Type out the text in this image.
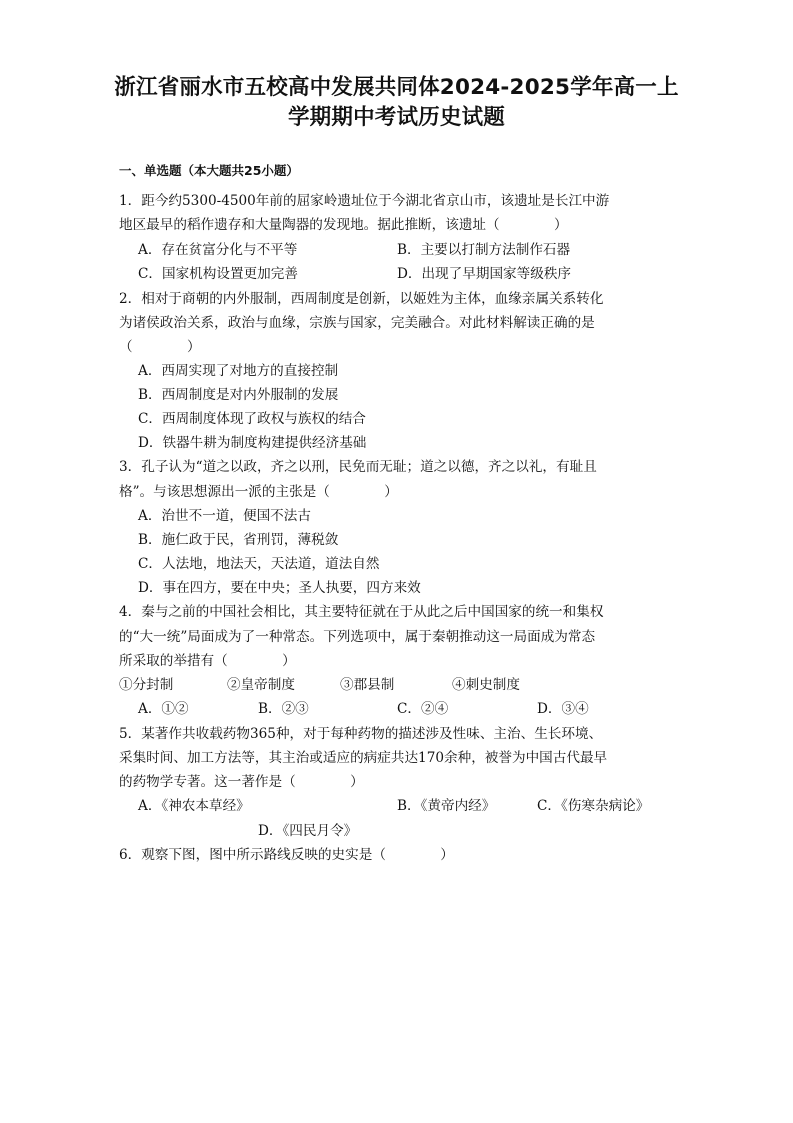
浙江省丽水市五校高中发展共同体2024-2025学年高一上
学期期中考试历史试题
一、单选题（本大题共25小题）
1．距今约5300-4500年前的屈家岭遗址位于今湖北省京山市，该遗址是长江中游
地区最早的稻作遗存和大量陶器的发现地。据此推断，该遗址（　　　　）
A．存在贫富分化与不平等	B．主要以打制方法制作石器
C．国家机构设置更加完善	D．出现了早期国家等级秩序
2．相对于商朝的内外服制，西周制度是创新，以姬姓为主体，血缘亲属关系转化
为诸侯政治关系，政治与血缘，宗族与国家，完美融合。对此材料解读正确的是
（　　　　）
A．西周实现了对地方的直接控制
B．西周制度是对内外服制的发展
C．西周制度体现了政权与族权的结合
D．铁器牛耕为制度构建提供经济基础
3．孔子认为“道之以政，齐之以刑，民免而无耻；道之以德，齐之以礼，有耻且
格”。与该思想源出一派的主张是（　　　　）
A．治世不一道，便国不法古
B．施仁政于民，省刑罚，薄税敛
C．人法地，地法天，天法道，道法自然
D．事在四方，要在中央；圣人执要，四方来效
4．秦与之前的中国社会相比，其主要特征就在于从此之后中国国家的统一和集权
的“大一统”局面成为了一种常态。下列选项中，属于秦朝推动这一局面成为常态
所采取的举措有（　　　　）
①分封制	②皇帝制度	③郡县制	④刺史制度
A．①②	B．②③	C．②④	D．③④
5．某著作共收载药物365种，对于每种药物的描述涉及性味、主治、生长环境、
采集时间、加工方法等，其主治或适应的病症共达170余种，被誉为中国古代最早
的药物学专著。这一著作是（　　　　）
A．《神农本草经》	B．《黄帝内经》	C．《伤寒杂病论》
D．《四民月令》
6．观察下图，图中所示路线反映的史实是（　　　　）
